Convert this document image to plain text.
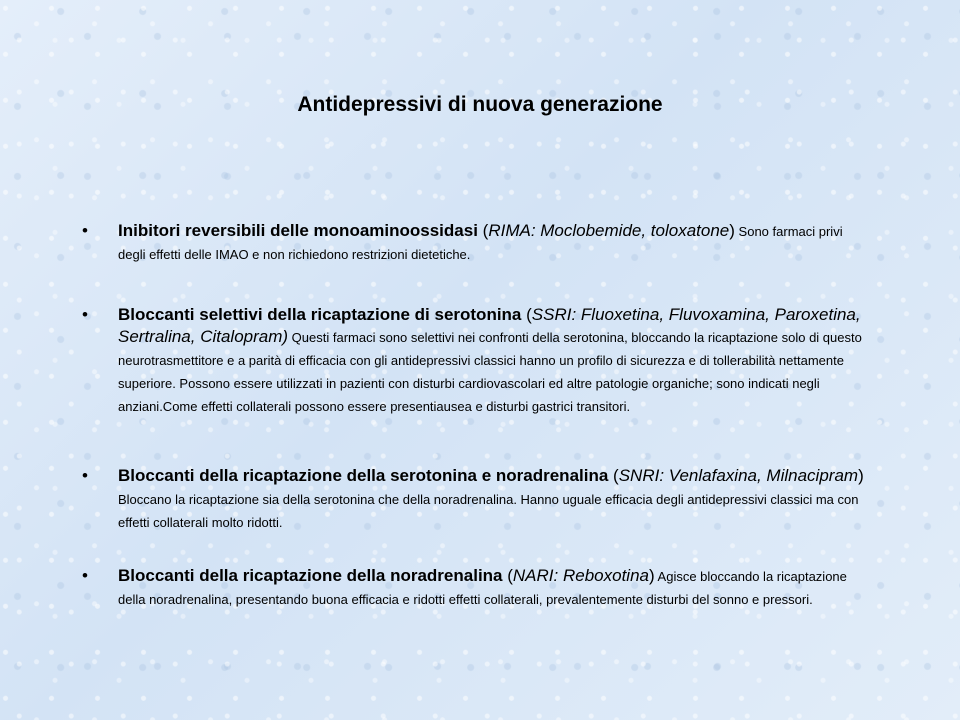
Antidepressivi di nuova generazione
• Inibitori reversibili delle monoaminoossidasi (RIMA: Moclobemide, toloxatone) Sono farmaci privi degli effetti delle IMAO e non richiedono restrizioni dietetiche.
• Bloccanti selettivi della ricaptazione di serotonina (SSRI: Fluoxetina, Fluvoxamina, Paroxetina, Sertralina, Citalopram) Questi farmaci sono selettivi nei confronti della serotonina, bloccando la ricaptazione solo di questo neurotrasmettitore e a parità di efficacia con gli antidepressivi classici hanno un profilo di sicurezza e di tollerabilità nettamente superiore. Possono essere utilizzati in pazienti con disturbi cardiovascolari ed altre patologie organiche; sono indicati negli anziani.Come effetti collaterali possono essere presentiausea e disturbi gastrici transitori.
• Bloccanti della ricaptazione della serotonina e noradrenalina (SNRI: Venlafaxina, Milnacipram) Bloccano la ricaptazione sia della serotonina che della noradrenalina. Hanno uguale efficacia degli antidepressivi classici ma con effetti collaterali molto ridotti.
• Bloccanti della ricaptazione della noradrenalina (NARI: Reboxotina) Agisce bloccando la ricaptazione della noradrenalina, presentando buona efficacia e ridotti effetti collaterali, prevalentemente disturbi del sonno e pressori.
